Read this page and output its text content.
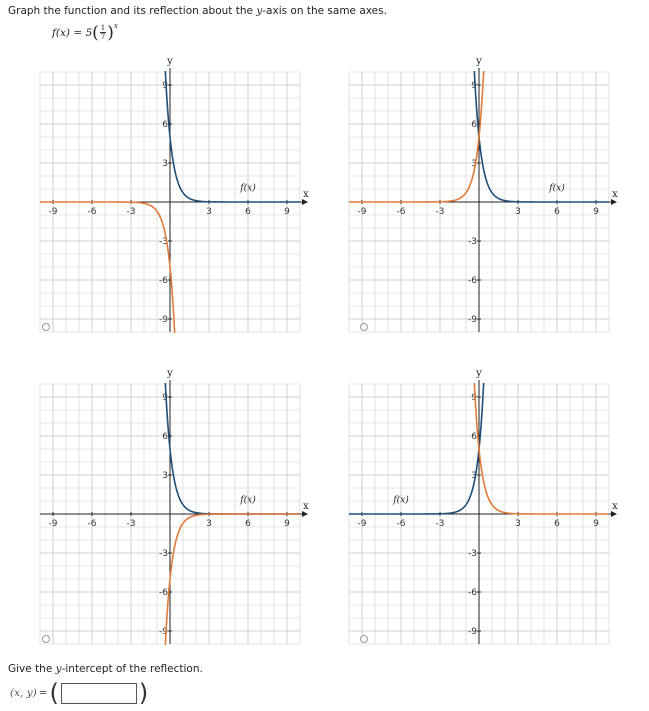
Graph the function and its reflection about the y-axis on the same axes.
f(x) = 5 ( $\frac{1}{7}$ ) x
x
y
-9	-6	-3	3	6	9
-9
-6
-3
3
6
9
f(x)
x
y
-9	-6	-3	3	6	9
-9
-6
-3
3
6
9
f(x)
x
y
-9	-6	-3	3	6	9
-9
-6
-3
3
6
9
f(x)
x
y
-9	-6	-3	3	6	9
-9
-6
-3
3
6
9
f(x)
Give the y-intercept of the reflection.
(x, y) = (	)
